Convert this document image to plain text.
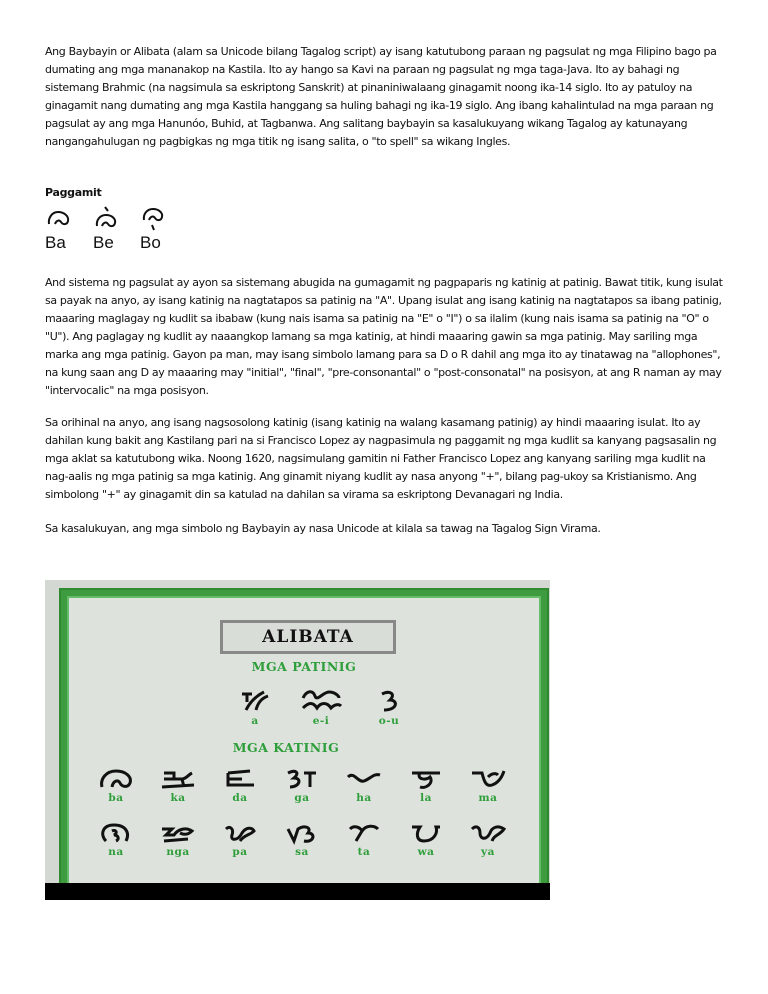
Ang Baybayin or Alibata (alam sa Unicode bilang Tagalog script) ay isang katutubong paraan ng pagsulat ng mga Filipino bago pa dumating ang mga mananakop na Kastila. Ito ay hango sa Kavi na paraan ng pagsulat ng mga taga-Java. Ito ay bahagi ng sistemang Brahmic (na nagsimula sa eskriptong Sanskrit) at pinaniniwalaang ginagamit noong ika-14 siglo. Ito ay patuloy na ginagamit nang dumating ang mga Kastila hanggang sa huling bahagi ng ika-19 siglo. Ang ibang kahalintulad na mga paraan ng pagsulat ay ang mga Hanunóo, Buhid, at Tagbanwa. Ang salitang baybayin sa kasalukuyang wikang Tagalog ay katunayang nangangahulugan ng pagbigkas ng mga titik ng isang salita, o "to spell" sa wikang Ingles.

Paggamit

Ba	Be	Bo

And sistema ng pagsulat ay ayon sa sistemang abugida na gumagamit ng pagpaparis ng katinig at patinig. Bawat titik, kung isulat sa payak na anyo, ay isang katinig na nagtatapos sa patinig na "A". Upang isulat ang isang katinig na nagtatapos sa ibang patinig, maaaring maglagay ng kudlit sa ibabaw (kung nais isama sa patinig na "E" o "I") o sa ilalim (kung nais isama sa patinig na "O" o "U"). Ang paglagay ng kudlit ay naaangkop lamang sa mga katinig, at hindi maaaring gawin sa mga patinig. May sariling mga marka ang mga patinig. Gayon pa man, may isang simbolo lamang para sa D o R dahil ang mga ito ay tinatawag na "allophones", na kung saan ang D ay maaaring may "initial", "final", "pre-consonantal" o "post-consonatal" na posisyon, at ang R naman ay may "intervocalic" na mga posisyon.

Sa orihinal na anyo, ang isang nagsosolong katinig (isang katinig na walang kasamang patinig) ay hindi maaaring isulat. Ito ay dahilan kung bakit ang Kastilang pari na si Francisco Lopez ay nagpasimula ng paggamit ng mga kudlit sa kanyang pagsasalin ng mga aklat sa katutubong wika. Noong 1620, nagsimulang gamitin ni Father Francisco Lopez ang kanyang sariling mga kudlit na nag-aalis ng mga patinig sa mga katinig. Ang ginamit niyang kudlit ay nasa anyong "+", bilang pag-ukoy sa Kristianismo. Ang simbolong "+" ay ginagamit din sa katulad na dahilan sa virama sa eskriptong Devanagari ng India.

Sa kasalukuyan, ang mga simbolo ng Baybayin ay nasa Unicode at kilala sa tawag na Tagalog Sign Virama.

ALIBATA
MGA PATINIG
a	e-i	o-u
MGA KATINIG
ba	ka	da	ga	ha	la	ma
na	nga	pa	sa	ta	wa	ya
